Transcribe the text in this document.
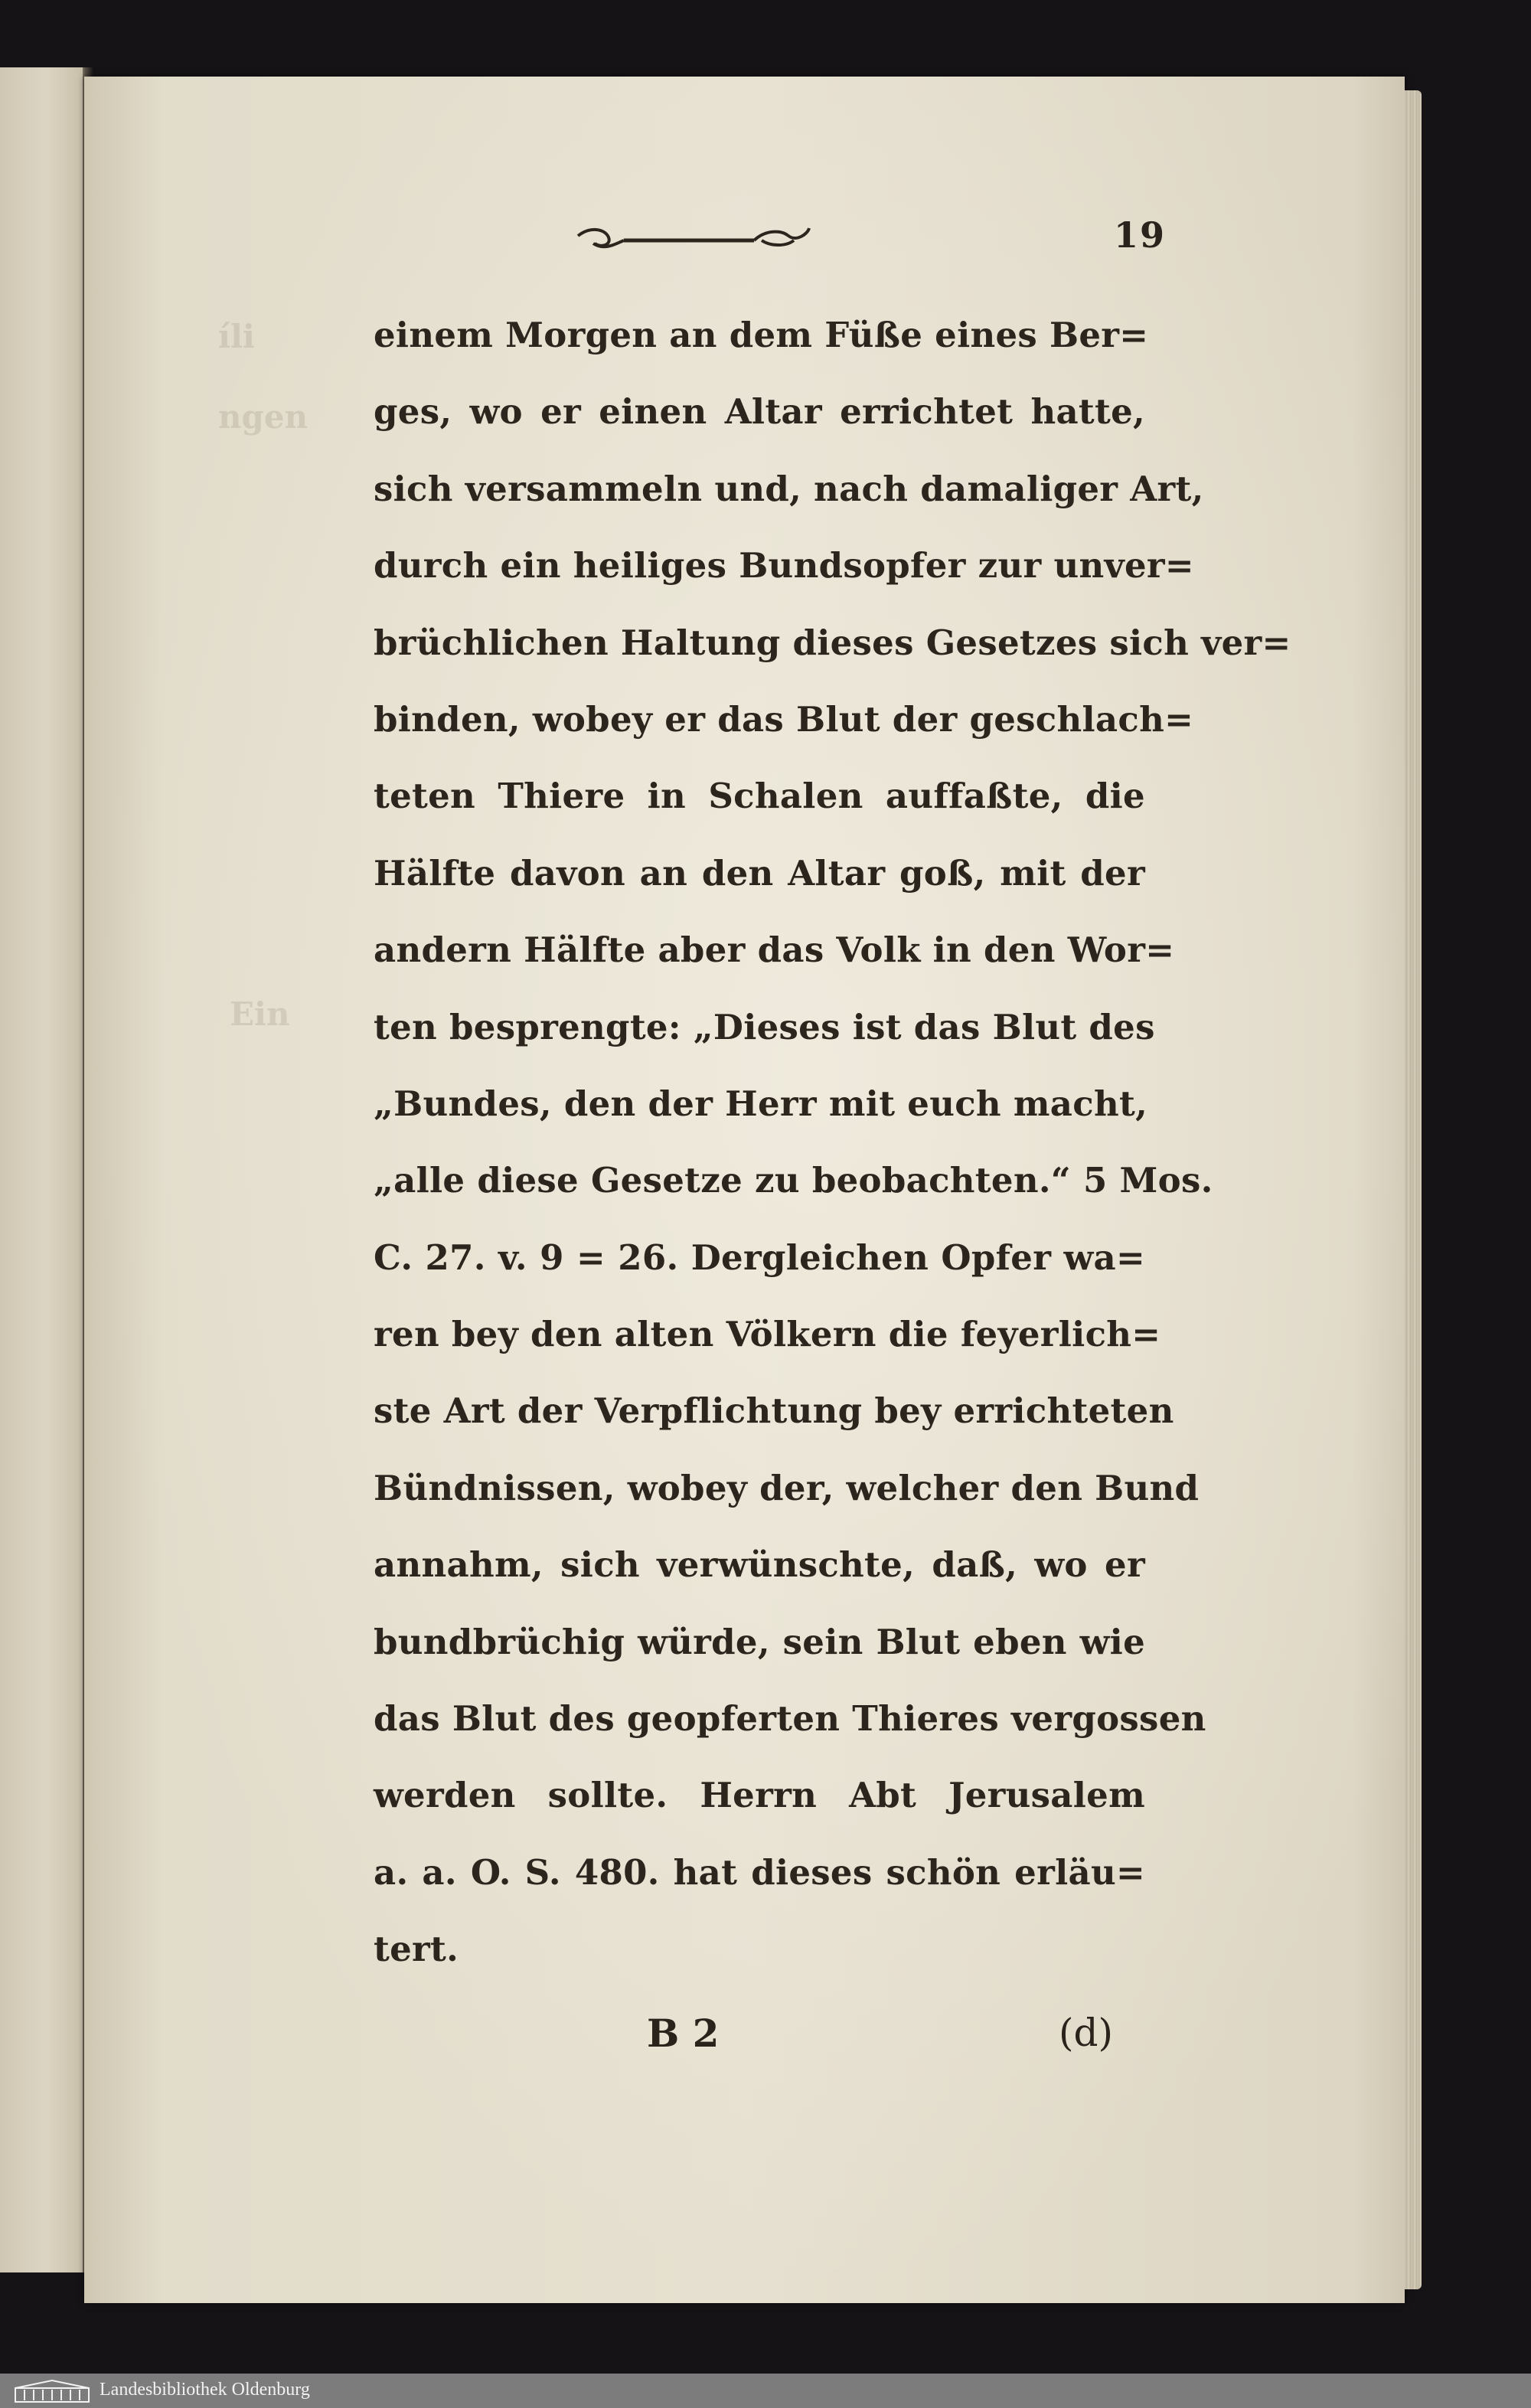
19
einem Morgen an dem Füße eines Ber=
ges, wo er einen Altar errichtet hatte,
sich versammeln und, nach damaliger Art,
durch ein heiliges Bundsopfer zur unver=
brüchlichen Haltung dieses Gesetzes sich ver=
binden, wobey er das Blut der geschlach=
teten Thiere in Schalen auffaßte, die
Hälfte davon an den Altar goß, mit der
andern Hälfte aber das Volk in den Wor=
ten besprengte: „Dieses ist das Blut des
„Bundes, den der Herr mit euch macht,
„alle diese Gesetze zu beobachten.“ 5 Mos.
C. 27. v. 9 = 26. Dergleichen Opfer wa=
ren bey den alten Völkern die feyerlich=
ste Art der Verpflichtung bey errichteten
Bündnissen, wobey der, welcher den Bund
annahm, sich verwünschte, daß, wo er
bundbrüchig würde, sein Blut eben wie
das Blut des geopferten Thieres vergossen
werden sollte. Herrn Abt Jerusalem
a. a. O. S. 480. hat dieses schön erläu=
tert.
B 2	(d)
Landesbibliothek Oldenburg
